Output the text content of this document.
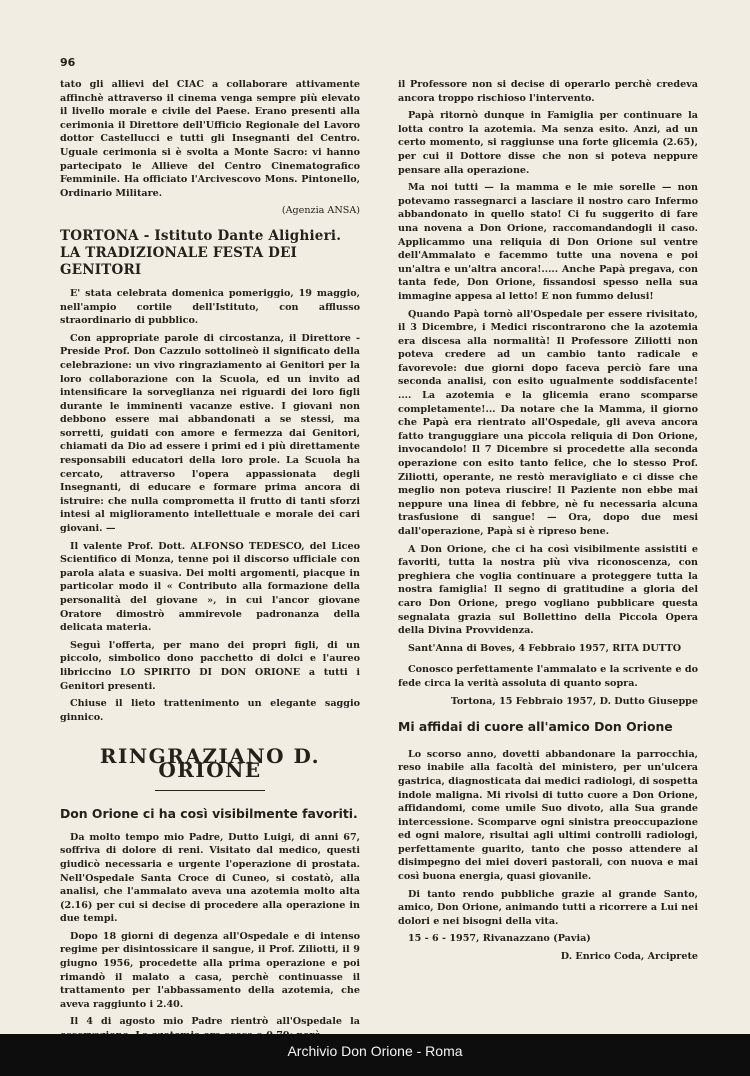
96

tato gli allievi del CIAC a collaborare attivamente affinchè attraverso il cinema venga sempre più elevato il livello morale e civile del Paese. Erano presenti alla cerimonia il Direttore dell'Ufficio Regionale del Lavoro dottor Castellucci e tutti gli Insegnanti del Centro. Uguale cerimonia si è svolta a Monte Sacro: vi hanno partecipato le Allieve del Centro Cinematografico Femminile. Ha officiato l'Arcivescovo Mons. Pintonello, Ordinario Militare.

(Agenzia ANSA)
TORTONA - Istituto Dante Alighieri.
LA TRADIZIONALE FESTA DEI GENITORI

E' stata celebrata domenica pomeriggio, 19 maggio, nell'ampio cortile dell'Istituto, con afflusso straordinario di pubblico.

Con appropriate parole di circostanza, il Direttore - Preside Prof. Don Cazzulo sottolineò il significato della celebrazione: un vivo ringraziamento ai Genitori per la loro collaborazione con la Scuola, ed un invito ad intensificare la sorveglianza nei riguardi dei loro figli durante le imminenti vacanze estive. I giovani non debbono essere mai abbandonati a se stessi, ma sorretti, guidati con amore e fermezza dai Genitori, chiamati da Dio ad essere i primi ed i più direttamente responsabili educatori della loro prole. La Scuola ha cercato, attraverso l'opera appassionata degli Insegnanti, di educare e formare prima ancora di istruire: che nulla comprometta il frutto di tanti sforzi intesi al miglioramento intellettuale e morale dei cari giovani. —

Il valente Prof. Dott. ALFONSO TEDESCO, del Liceo Scientifico di Monza, tenne poi il discorso ufficiale con parola alata e suasiva. Dei molti argomenti, piacque in particolar modo il « Contributo alla formazione della personalità del giovane », in cui l'ancor giovane Oratore dimostrò ammirevole padronanza della delicata materia.

Seguì l'offerta, per mano dei propri figli, di un piccolo, simbolico dono pacchetto di dolci e l'aureo libriccino LO SPIRITO DI DON ORIONE a tutti i Genitori presenti.

Chiuse il lieto trattenimento un elegante saggio ginnico.

RINGRAZIANO D. ORIONE
Don Orione ci ha così visibilmente favoriti.

Da molto tempo mio Padre, Dutto Luigi, di anni 67, soffriva di dolore di reni. Visitato dal medico, questi giudicò necessaria e urgente l'operazione di prostata. Nell'Ospedale Santa Croce di Cuneo, si costatò, alla analisi, che l'ammalato aveva una azotemia molto alta (2.16) per cui si decise di procedere alla operazione in due tempi.

Dopo 18 giorni di degenza all'Ospedale e di intenso regime per disintossicare il sangue, il Prof. Ziliotti, il 9 giugno 1956, procedette alla prima operazione e poi rimandò il malato a casa, perchè continuasse il trattamento per l'abbassamento della azotemia, che aveva raggiunto i 2.40.

Il 4 di agosto mio Padre rientrò all'Ospedale la

il Professore non si decise di operarlo perchè credeva ancora troppo rischioso l'intervento.

Papà ritornò dunque in Famiglia per continuare la lotta contro la azotemia. Ma senza esito. Anzi, ad un certo momento, si raggiunse una forte glicemia (2.65), per cui il Dottore disse che non si poteva neppure pensare alla operazione.

Ma noi tutti — la mamma e le mie sorelle — non potevamo rassegnarci a lasciare il nostro caro Infermo abbandonato in quello stato! Ci fu suggerito di fare una novena a Don Orione, raccomandandogli il caso. Applicammo una reliquia di Don Orione sul ventre dell'Ammalato e facemmo tutte una novena e poi un'altra e un'altra ancora!..... Anche Papà pregava, con tanta fede, Don Orione, fissandosi spesso nella sua immagine appesa al letto! E non fummo delusi!

Quando Papà tornò all'Ospedale per essere rivisitato, il 3 Dicembre, i Medici riscontrarono che la azotemia era discesa alla normalità! Il Professore Ziliotti non poteva credere ad un cambio tanto radicale e favorevole: due giorni dopo faceva perciò fare una seconda analisi, con esito ugualmente soddisfacente! .... La azotemia e la glicemia erano scomparse completamente!... Da notare che la Mamma, il giorno che Papà era rientrato all'Ospedale, gli aveva ancora fatto tranguggiare una piccola reliquia di Don Orione, invocandolo! Il 7 Dicembre si procedette alla seconda operazione con esito tanto felice, che lo stesso Prof. Ziliotti, operante, ne restò meravigliato e ci disse che meglio non poteva riuscire! Il Paziente non ebbe mai neppure una linea di febbre, nè fu necessaria alcuna trasfusione di sangue! — Ora, dopo due mesi dall'operazione, Papà si è ripreso bene.

A Don Orione, che ci ha così visibilmente assistiti e favoriti, tutta la nostra più viva riconoscenza, con preghiera che voglia continuare a proteggere tutta la nostra famiglia! Il segno di gratitudine a gloria del caro Don Orione, prego vogliano pubblicare questa segnalata grazia sul Bollettino della Piccola Opera della Divina Provvidenza.

Sant'Anna di Boves, 4 Febbraio 1957, RITA DUTTO

Conosco perfettamente l'ammalato e la scrivente e do fede circa la verità assoluta di quanto sopra.

Tortona, 15 Febbraio 1957, D. Dutto Giuseppe
Mi affidai di cuore all'amico Don Orione

Lo scorso anno, dovetti abbandonare la parrocchia, reso inabile alla facoltà del ministero, per un'ulcera gastrica, diagnosticata dai medici radiologi, di sospetta indole maligna. Mi rivolsi di tutto cuore a Don Orione, affidandomi, come umile Suo divoto, alla Sua grande intercessione. Scomparve ogni sinistra preoccupazione ed ogni malore, risultai agli ultimi controlli radiologi, perfettamente guarito, tanto che posso attendere al disimpegno dei miei doveri pastorali, con nuova e mai così buona energia, quasi giovanile.

Di tanto rendo pubbliche grazie al grande Santo, amico, Don Orione, animando tutti a ricorrere a Lui nei dolori e nei bisogni della vita.

15 - 6 - 1957, Rivanazzano (Pavia)

D. Enrico Coda, Arciprete
Archivio Don Orione - Roma
